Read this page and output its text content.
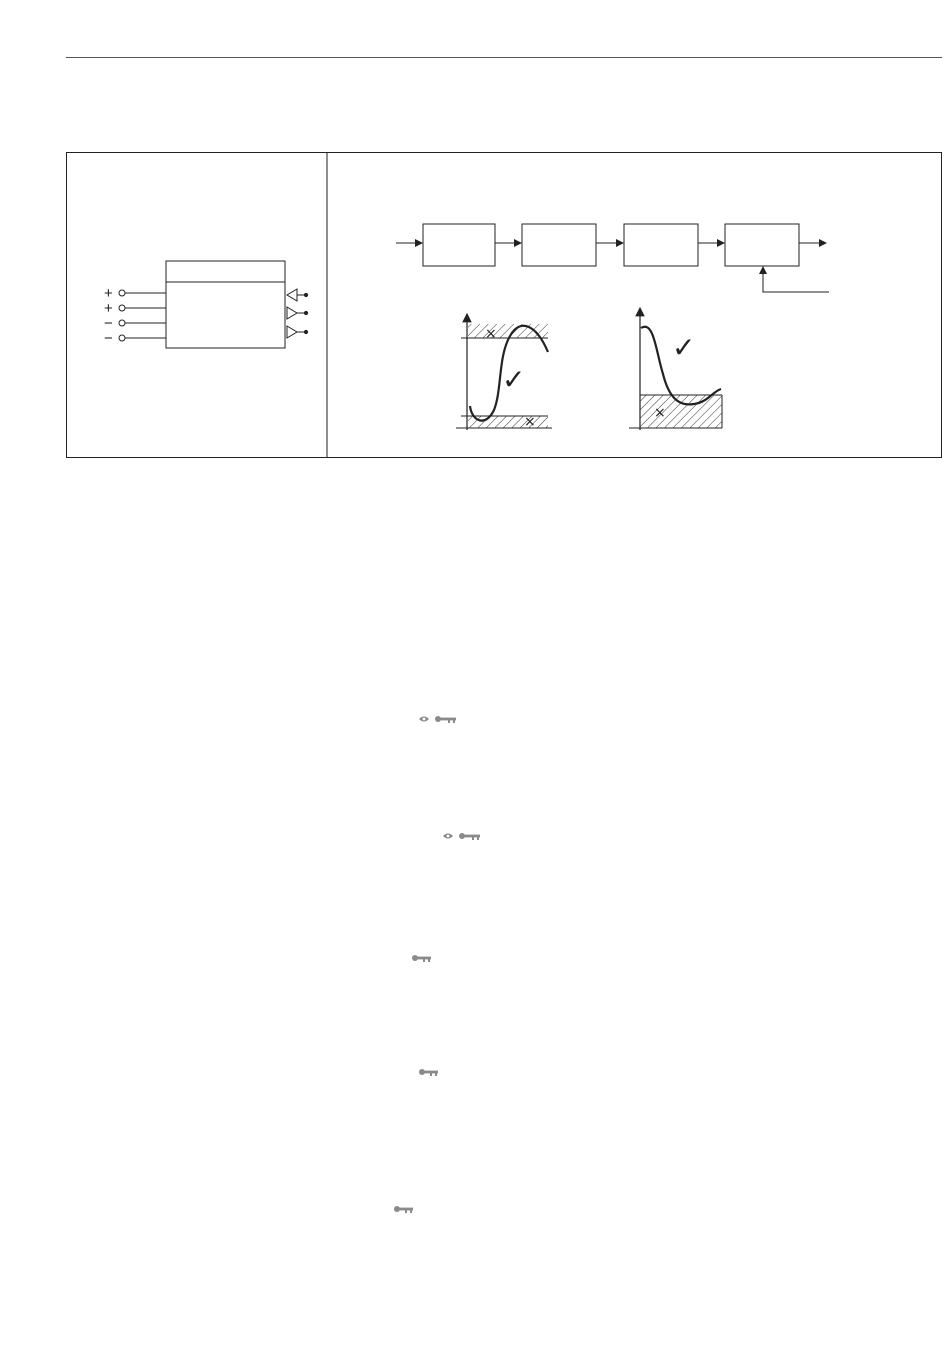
+
+
−
−
✓
×
×
✓
×
